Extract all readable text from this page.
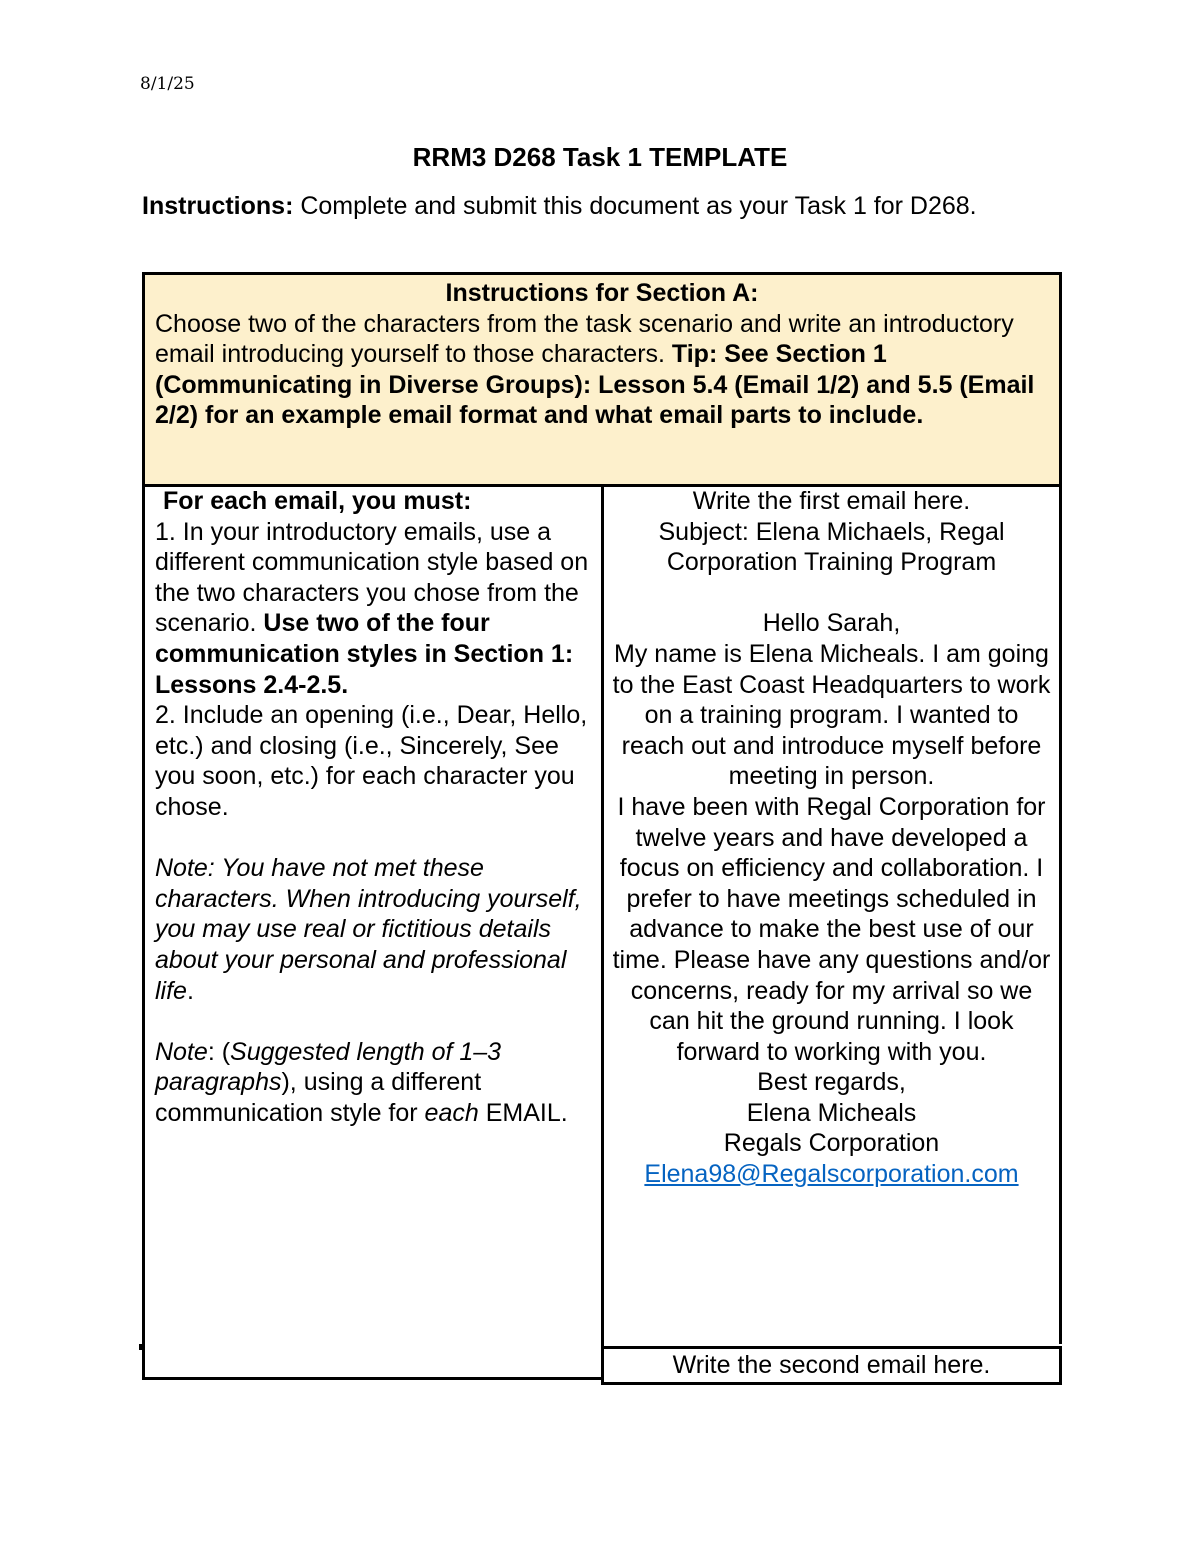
8/1/25
RRM3 D268 Task 1 TEMPLATE
Instructions: Complete and submit this document as your Task 1 for D268.
Instructions for Section A:
Choose two of the characters from the task scenario and write an introductory email introducing yourself to those characters. Tip: See Section 1 (Communicating in Diverse Groups): Lesson 5.4 (Email 1/2) and 5.5 (Email 2/2) for an example email format and what email parts to include.
For each email, you must:
1. In your introductory emails, use a different communication style based on the two characters you chose from the scenario. Use two of the four communication styles in Section 1: Lessons 2.4-2.5.
2. Include an opening (i.e., Dear, Hello, etc.) and closing (i.e., Sincerely, See you soon, etc.) for each character you chose.
Note: You have not met these characters. When introducing yourself, you may use real or fictitious details about your personal and professional life.
Note: (Suggested length of 1–3 paragraphs), using a different communication style for each EMAIL.
Write the first email here.
Subject: Elena Michaels, Regal Corporation Training Program
Hello Sarah,
My name is Elena Micheals. I am going to the East Coast Headquarters to work on a training program. I wanted to reach out and introduce myself before meeting in person.
I have been with Regal Corporation for twelve years and have developed a focus on efficiency and collaboration. I prefer to have meetings scheduled in advance to make the best use of our time. Please have any questions and/or concerns, ready for my arrival so we can hit the ground running. I look forward to working with you.
Best regards,
Elena Micheals
Regals Corporation
Elena98@Regalscorporation.com
Write the second email here.
